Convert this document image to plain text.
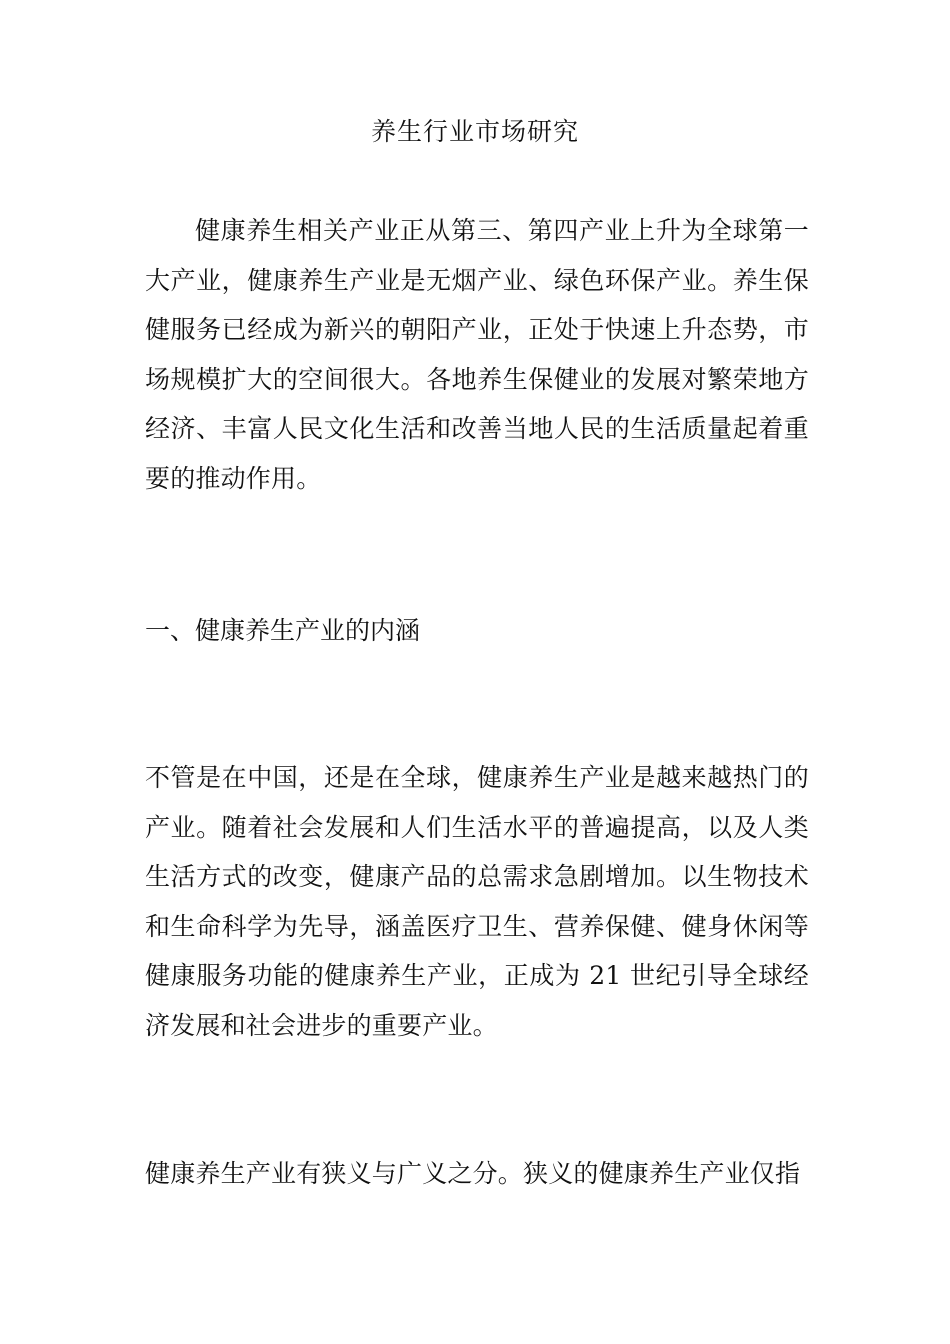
养生行业市场研究

健康养生相关产业正从第三、第四产业上升为全球第一大产业，健康养生产业是无烟产业、绿色环保产业。养生保健服务已经成为新兴的朝阳产业，正处于快速上升态势，市场规模扩大的空间很大。各地养生保健业的发展对繁荣地方经济、丰富人民文化生活和改善当地人民的生活质量起着重要的推动作用。

一、健康养生产业的内涵

不管是在中国，还是在全球，健康养生产业是越来越热门的产业。随着社会发展和人们生活水平的普遍提高，以及人类生活方式的改变，健康产品的总需求急剧增加。以生物技术和生命科学为先导，涵盖医疗卫生、营养保健、健身休闲等健康服务功能的健康养生产业，正成为 21 世纪引导全球经济发展和社会进步的重要产业。

健康养生产业有狭义与广义之分。狭义的健康养生产业仅指
